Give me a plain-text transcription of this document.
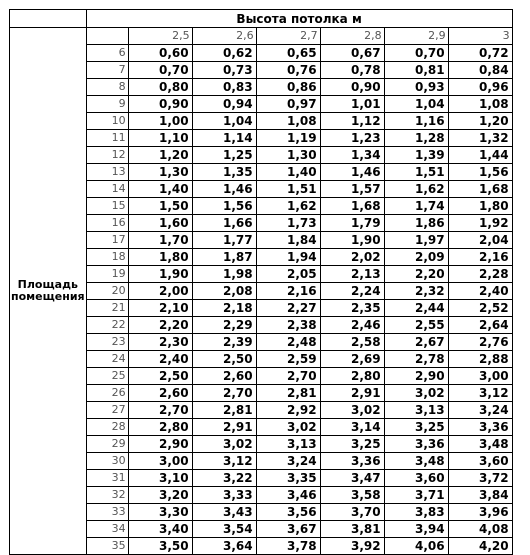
	Высота потолка м						
Площадь помещения		2,5	2,6	2,7	2,8	2,9	3
	6	0,60	0,62	0,65	0,67	0,70	0,72
	7	0,70	0,73	0,76	0,78	0,81	0,84
	8	0,80	0,83	0,86	0,90	0,93	0,96
	9	0,90	0,94	0,97	1,01	1,04	1,08
	10	1,00	1,04	1,08	1,12	1,16	1,20
	11	1,10	1,14	1,19	1,23	1,28	1,32
	12	1,20	1,25	1,30	1,34	1,39	1,44
	13	1,30	1,35	1,40	1,46	1,51	1,56
	14	1,40	1,46	1,51	1,57	1,62	1,68
	15	1,50	1,56	1,62	1,68	1,74	1,80
	16	1,60	1,66	1,73	1,79	1,86	1,92
	17	1,70	1,77	1,84	1,90	1,97	2,04
	18	1,80	1,87	1,94	2,02	2,09	2,16
	19	1,90	1,98	2,05	2,13	2,20	2,28
	20	2,00	2,08	2,16	2,24	2,32	2,40
	21	2,10	2,18	2,27	2,35	2,44	2,52
	22	2,20	2,29	2,38	2,46	2,55	2,64
	23	2,30	2,39	2,48	2,58	2,67	2,76
	24	2,40	2,50	2,59	2,69	2,78	2,88
	25	2,50	2,60	2,70	2,80	2,90	3,00
	26	2,60	2,70	2,81	2,91	3,02	3,12
	27	2,70	2,81	2,92	3,02	3,13	3,24
	28	2,80	2,91	3,02	3,14	3,25	3,36
	29	2,90	3,02	3,13	3,25	3,36	3,48
	30	3,00	3,12	3,24	3,36	3,48	3,60
	31	3,10	3,22	3,35	3,47	3,60	3,72
	32	3,20	3,33	3,46	3,58	3,71	3,84
	33	3,30	3,43	3,56	3,70	3,83	3,96
	34	3,40	3,54	3,67	3,81	3,94	4,08
	35	3,50	3,64	3,78	3,92	4,06	4,20
